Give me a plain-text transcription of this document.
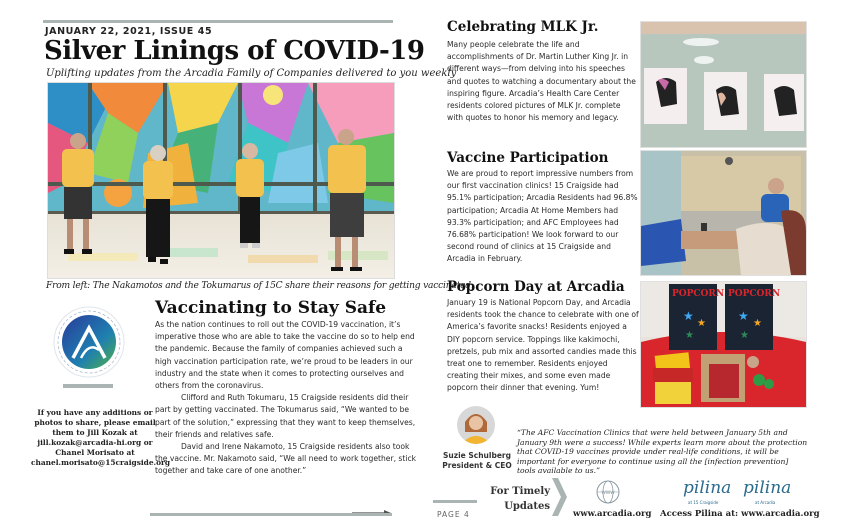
JANUARY 22, 2021, ISSUE 45
Silver Linings of COVID-19
Uplifting updates from the Arcadia Family of Companies delivered to you weekly
From left: The Nakamotos and the Tokumarus of 15C share their reasons for getting vaccinated.
If you have any additions or photos to share, please email them to Jill Kozak at jill.kozak@arcadia-hi.org or Chanel Morisato at chanel.morisato@15craigside.org
Vaccinating to Stay Safe

As the nation continues to roll out the COVID-19 vaccination, it’s imperative those who are able to take the vaccine do so to help end the pandemic. Because the family of companies achieved such a high vaccination participation rate, we’re proud to be leaders in our industry and the state when it comes to protecting ourselves and others from the coronavirus.

Clifford and Ruth Tokumaru, 15 Craigside residents did their part by getting vaccinated. The Tokumarus said, “We wanted to be part of the solution,” expressing that they want to keep themselves, their friends and relatives safe.

David and Irene Nakamoto, 15 Craigside residents also took the vaccine. Mr. Nakamoto said, “We all need to work together, stick together and take care of one another.”

Celebrating MLK Jr.
Many people celebrate the life and accomplishments of Dr. Martin Luther King Jr. in different ways—from delving into his speeches and quotes to watching a documentary about the inspiring figure. Arcadia’s Health Care Center residents colored pictures of MLK Jr. complete with quotes to honor his memory and legacy.
Vaccine Participation
We are proud to report impressive numbers from our first vaccination clinics! 15 Craigside had 95.1% participation; Arcadia Residents had 96.8% participation; Arcadia At Home Members had 93.3% participation; and AFC Employees had 76.68% participation! We look forward to our second round of clinics at 15 Craigside and Arcadia in February.
Popcorn Day at Arcadia
January 19 is National Popcorn Day, and Arcadia residents took the chance to celebrate with one of America’s favorite snacks! Residents enjoyed a DIY popcorn service. Toppings like kakimochi, pretzels, pub mix and assorted candies made this treat one to remember. Residents enjoyed creating their mixes, and some even made popcorn their dinner that evening. Yum!
POPCORN
★
★
★
POPCORN
★
★
★
Suzie Schulberg
President & CEO
“The AFC Vaccination Clinics that were held between January 5th and January 9th were a success! While experts learn more about the protection that COVID-19 vaccines provide under real-life conditions, it will be important for everyone to continue using all the [infection prevention] tools available to us.”
PAGE 4
For Timely
Updates
WWW
www.arcadia.org
pilina
at 15 Craigside
pilina
at Arcadia
Access Pilina at: www.arcadia.org
